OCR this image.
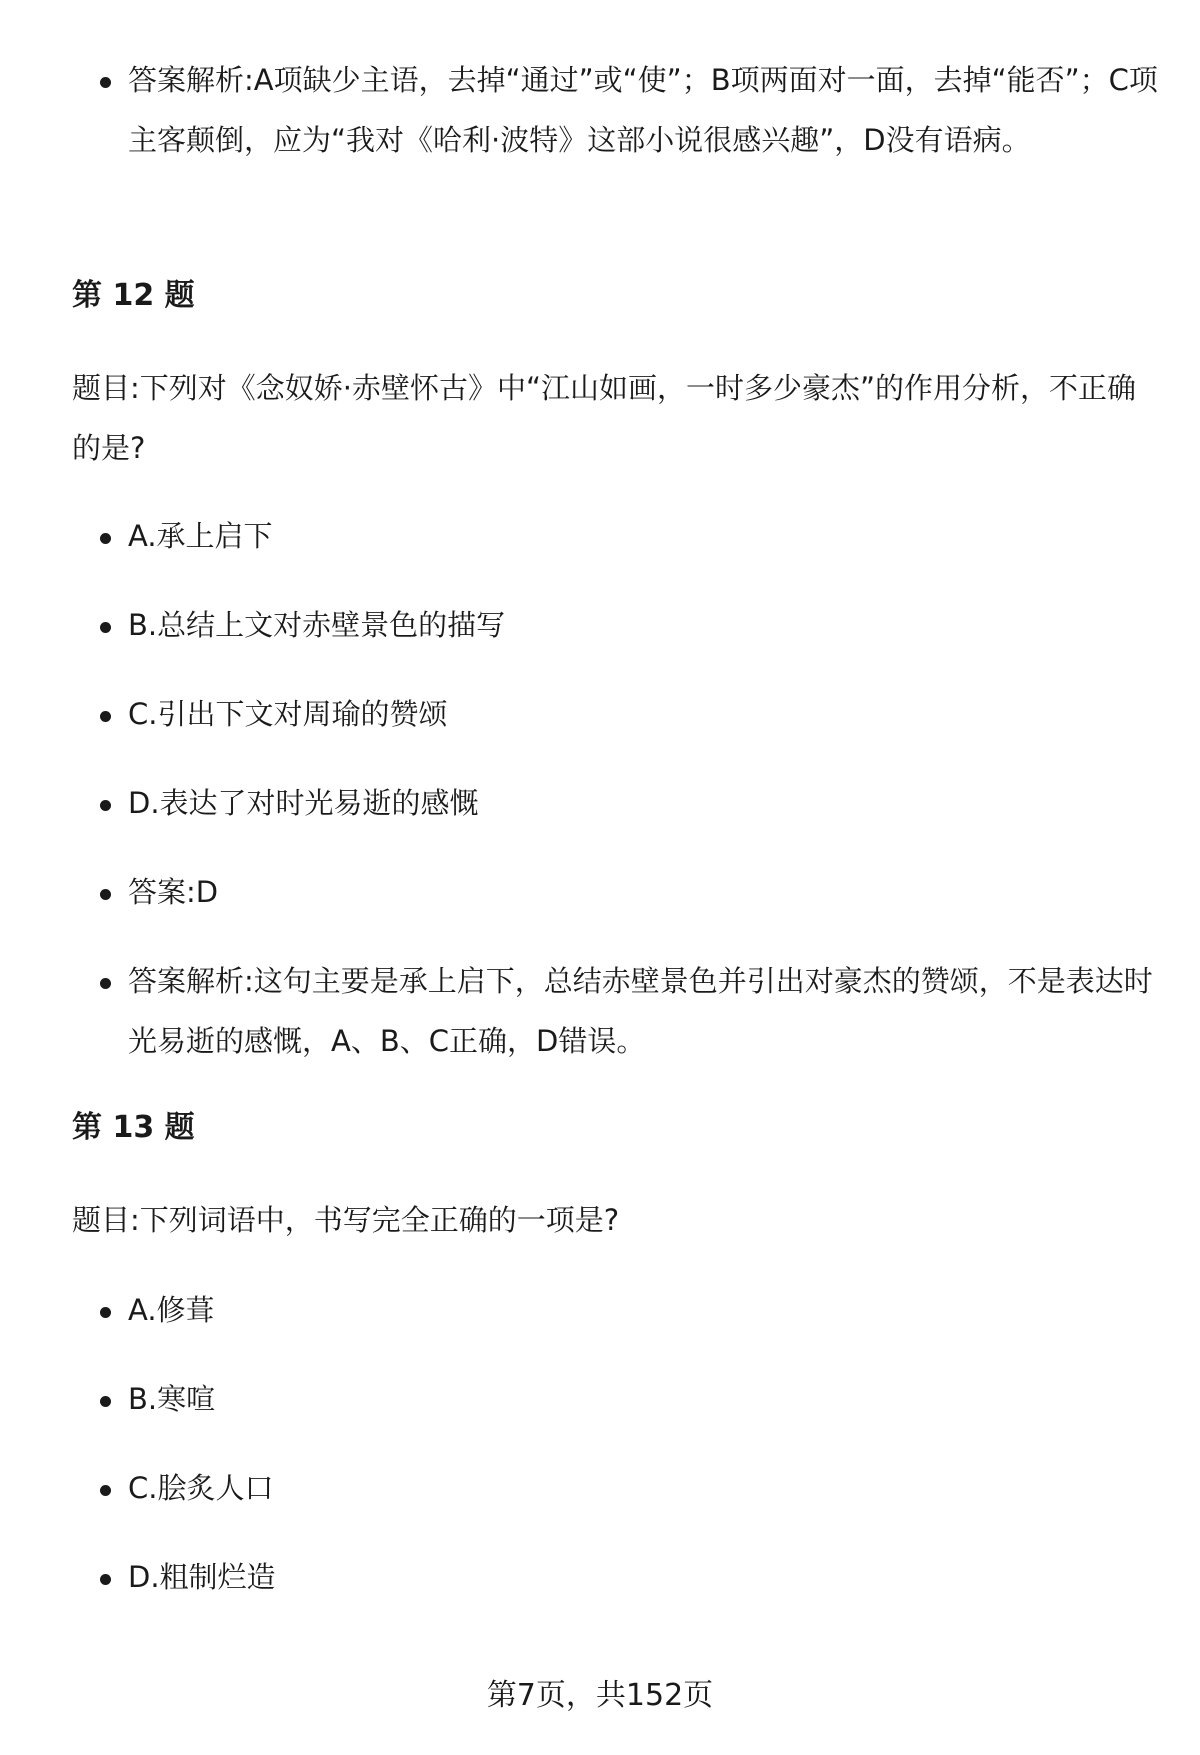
答案解析:A项缺少主语，去掉“通过”或“使”；B项两面对一面，去掉“能否”；C项主客颠倒，应为“我对《哈利·波特》这部小说很感兴趣”，D没有语病。
第 12 题
题目:下列对《念奴娇·赤壁怀古》中“江山如画，一时多少豪杰”的作用分析，不正确的是?
A.承上启下
B.总结上文对赤壁景色的描写
C.引出下文对周瑜的赞颂
D.表达了对时光易逝的感慨
答案:D
答案解析:这句主要是承上启下，总结赤壁景色并引出对豪杰的赞颂，不是表达时光易逝的感慨，A、B、C正确，D错误。
第 13 题
题目:下列词语中，书写完全正确的一项是?
A.修葺
B.寒喧
C.脍炙人口
D.粗制烂造
第7页，共152页
